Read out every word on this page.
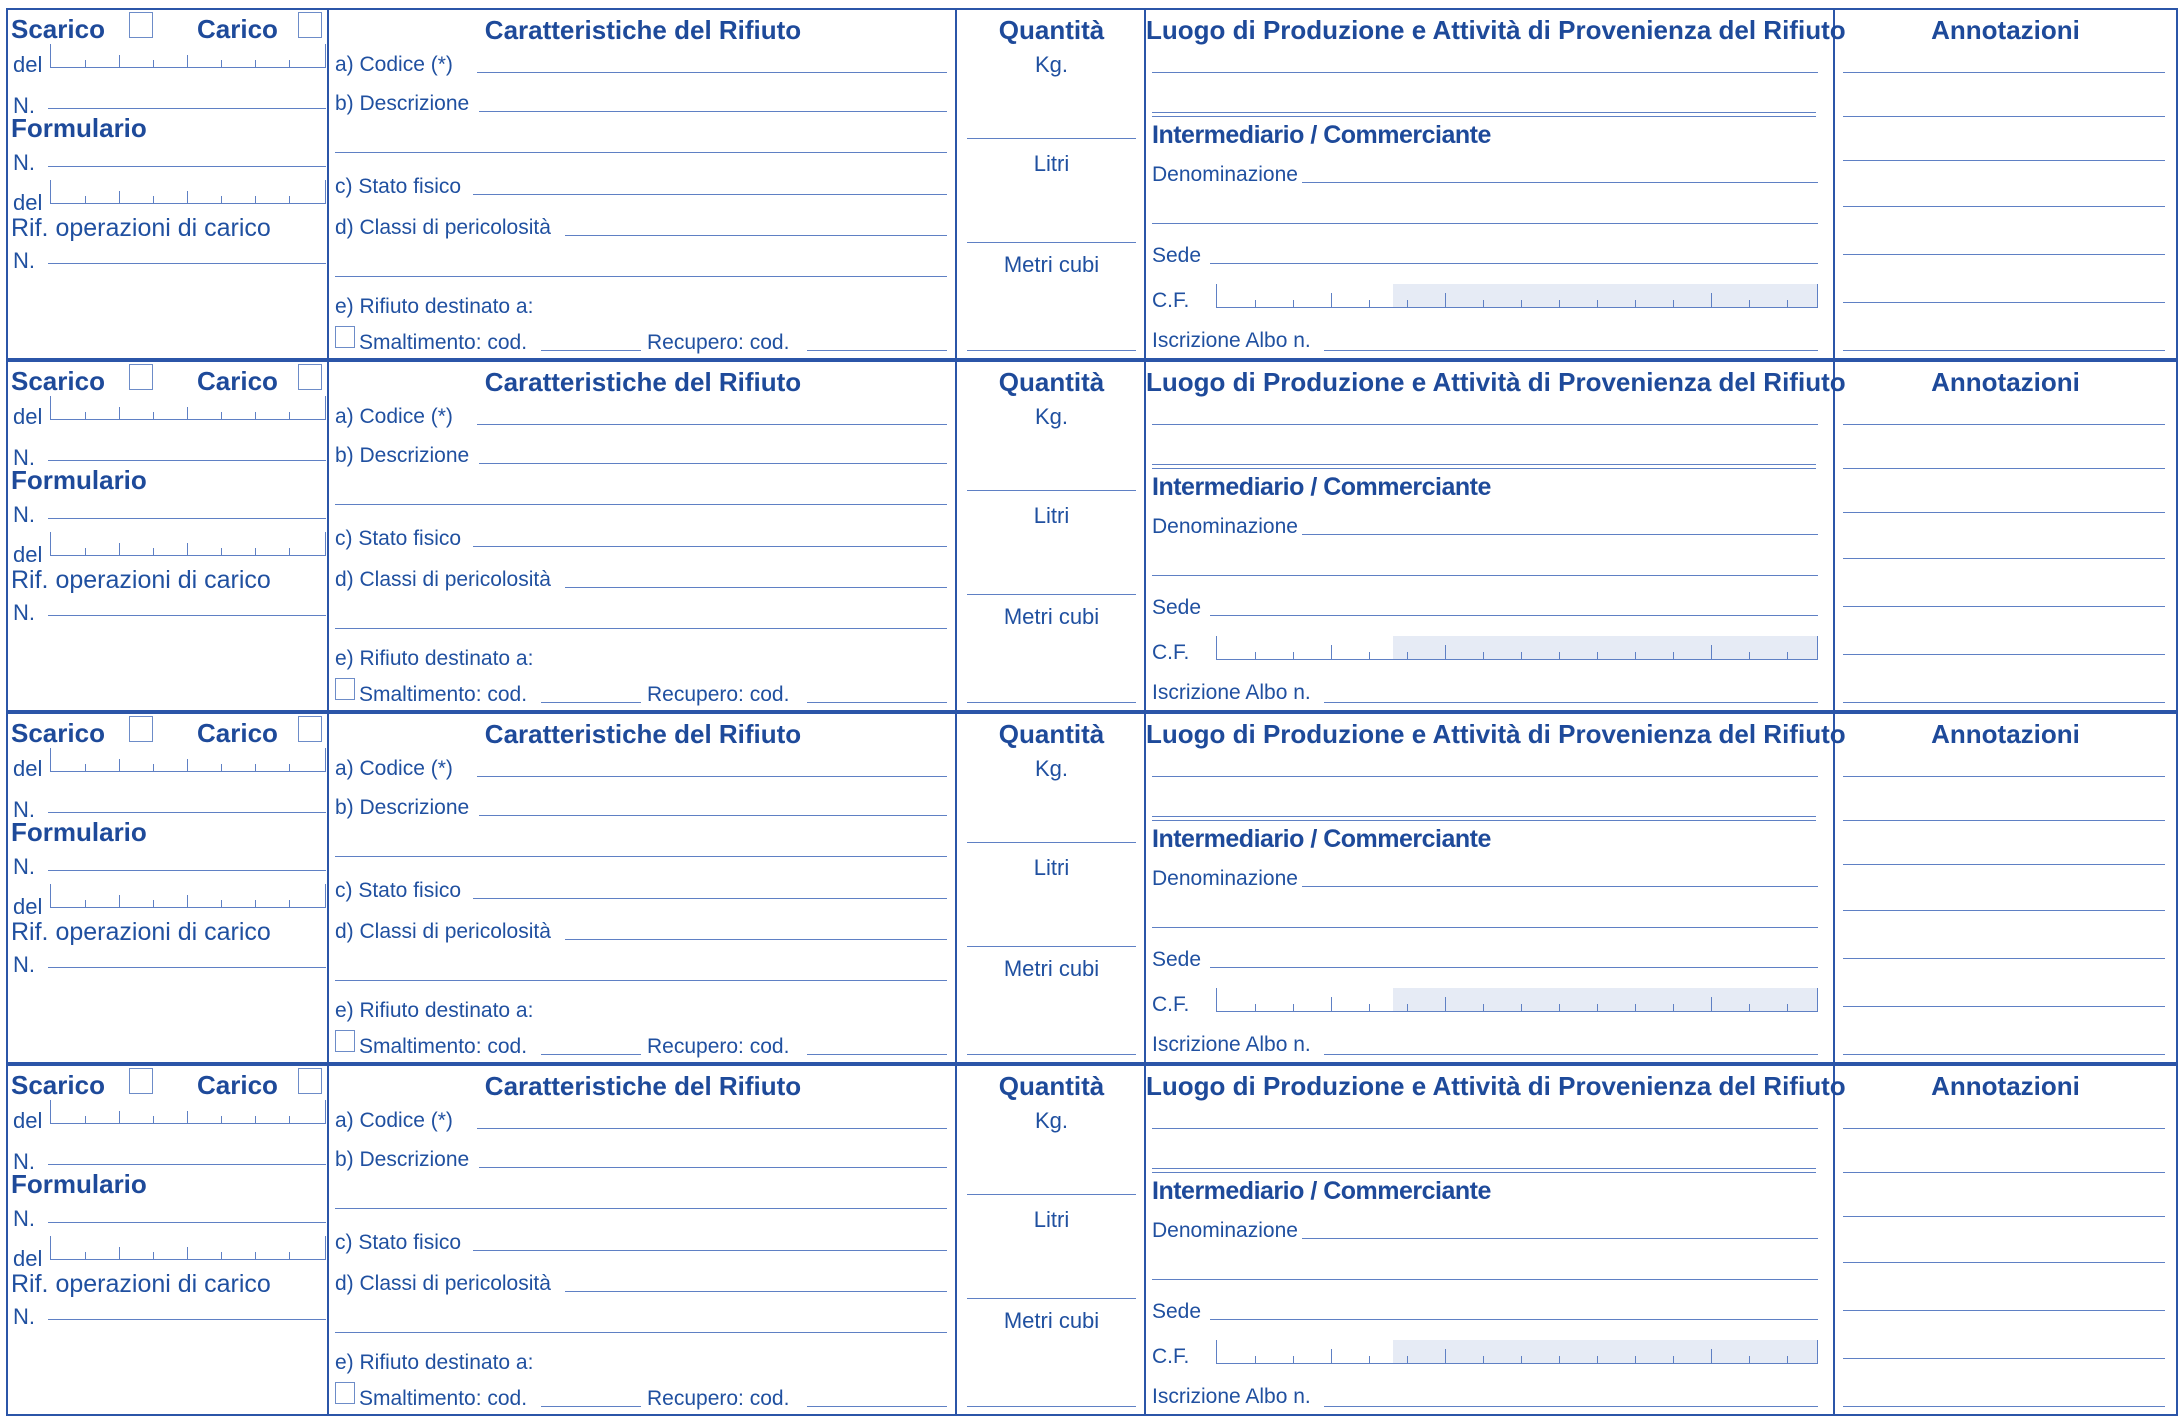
Scarico	Carico
del
N.
Formulario
N.
del
Rif. operazioni di carico
N.
Caratteristiche del Rifiuto
a) Codice (*)
b) Descrizione
c) Stato fisico
d) Classi di pericolosità
e) Rifiuto destinato a:
Smaltimento: cod.	Recupero: cod.
Quantità
Kg.
Litri
Metri cubi
Luogo di Produzione e Attività di Provenienza del Rifiuto
Intermediario / Commerciante
Denominazione
Sede
C.F.
Iscrizione Albo n.
Annotazioni
Scarico	Carico
del
N.
Formulario
N.
del
Rif. operazioni di carico
N.
Caratteristiche del Rifiuto
a) Codice (*)
b) Descrizione
c) Stato fisico
d) Classi di pericolosità
e) Rifiuto destinato a:
Smaltimento: cod.	Recupero: cod.
Quantità
Kg.
Litri
Metri cubi
Luogo di Produzione e Attività di Provenienza del Rifiuto
Intermediario / Commerciante
Denominazione
Sede
C.F.
Iscrizione Albo n.
Annotazioni
Scarico	Carico
del
N.
Formulario
N.
del
Rif. operazioni di carico
N.
Caratteristiche del Rifiuto
a) Codice (*)
b) Descrizione
c) Stato fisico
d) Classi di pericolosità
e) Rifiuto destinato a:
Smaltimento: cod.	Recupero: cod.
Quantità
Kg.
Litri
Metri cubi
Luogo di Produzione e Attività di Provenienza del Rifiuto
Intermediario / Commerciante
Denominazione
Sede
C.F.
Iscrizione Albo n.
Annotazioni
Scarico	Carico
del
N.
Formulario
N.
del
Rif. operazioni di carico
N.
Caratteristiche del Rifiuto
a) Codice (*)
b) Descrizione
c) Stato fisico
d) Classi di pericolosità
e) Rifiuto destinato a:
Smaltimento: cod.	Recupero: cod.
Quantità
Kg.
Litri
Metri cubi
Luogo di Produzione e Attività di Provenienza del Rifiuto
Intermediario / Commerciante
Denominazione
Sede
C.F.
Iscrizione Albo n.
Annotazioni
